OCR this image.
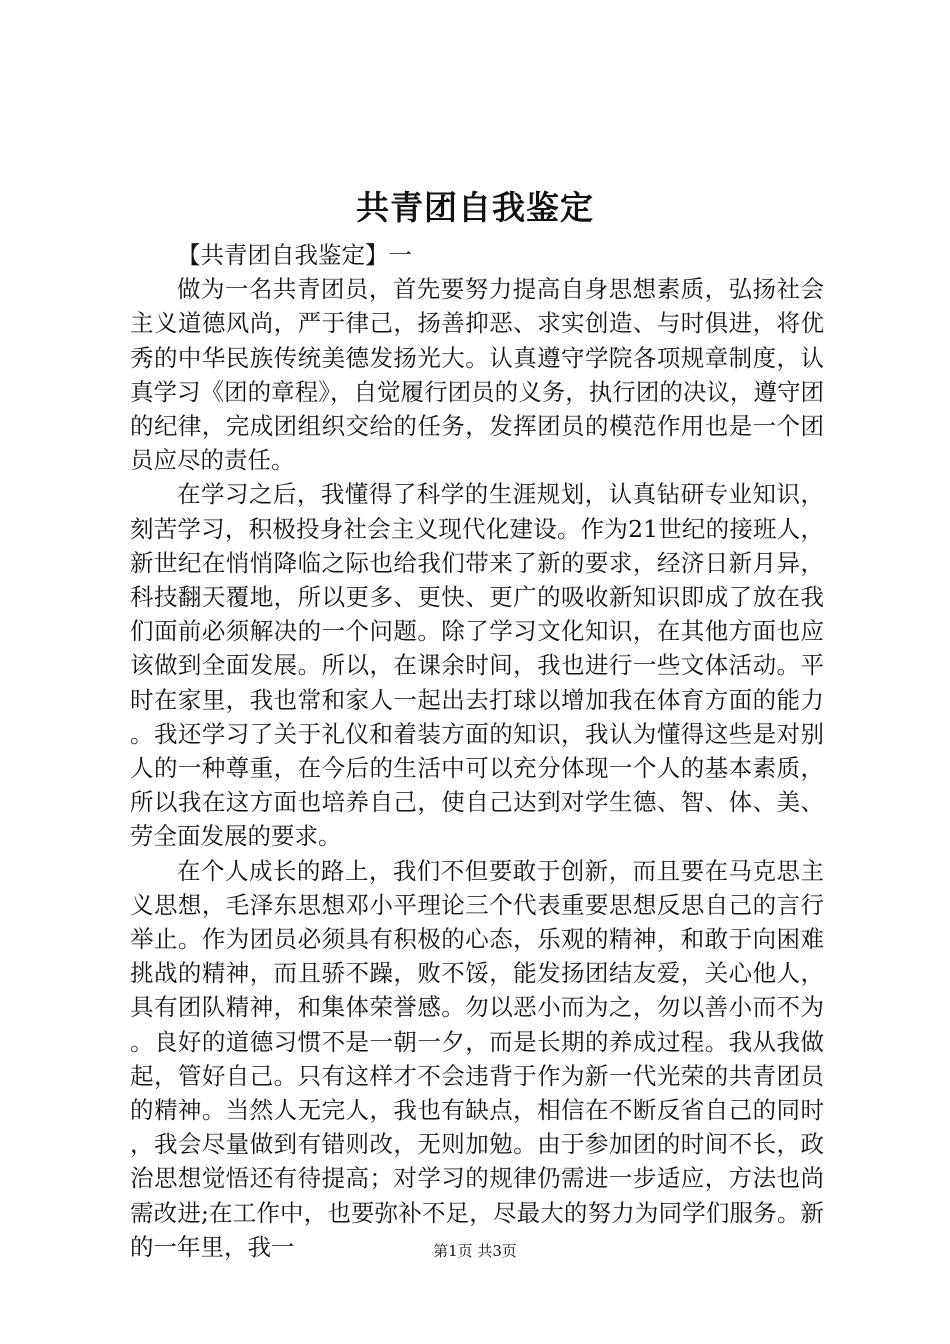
共青团自我鉴定

【共青团自我鉴定】一

做为一名共青团员，首先要努力提高自身思想素质，弘扬社会主义道德风尚，严于律己，扬善抑恶、求实创造、与时俱进，将优秀的中华民族传统美德发扬光大。认真遵守学院各项规章制度，认真学习《团的章程》，自觉履行团员的义务，执行团的决议，遵守团的纪律，完成团组织交给的任务，发挥团员的模范作用也是一个团员应尽的责任。

在学习之后，我懂得了科学的生涯规划，认真钻研专业知识，刻苦学习，积极投身社会主义现代化建设。作为21世纪的接班人，新世纪在悄悄降临之际也给我们带来了新的要求，经济日新月异，科技翻天覆地，所以更多、更快、更广的吸收新知识即成了放在我们面前必须解决的一个问题。除了学习文化知识，在其他方面也应该做到全面发展。所以，在课余时间，我也进行一些文体活动。平时在家里，我也常和家人一起出去打球以增加我在体育方面的能力。我还学习了关于礼仪和着装方面的知识，我认为懂得这些是对别人的一种尊重，在今后的生活中可以充分体现一个人的基本素质，所以我在这方面也培养自己，使自己达到对学生德、智、体、美、劳全面发展的要求。

在个人成长的路上，我们不但要敢于创新，而且要在马克思主义思想，毛泽东思想邓小平理论三个代表重要思想反思自己的言行举止。作为团员必须具有积极的心态，乐观的精神，和敢于向困难挑战的精神，而且骄不躁，败不馁，能发扬团结友爱，关心他人，具有团队精神，和集体荣誉感。勿以恶小而为之，勿以善小而不为。良好的道德习惯不是一朝一夕，而是长期的养成过程。我从我做起，管好自己。只有这样才不会违背于作为新一代光荣的共青团员的精神。当然人无完人，我也有缺点，相信在不断反省自己的同时，我会尽量做到有错则改，无则加勉。由于参加团的时间不长，政治思想觉悟还有待提高；对学习的规律仍需进一步适应，方法也尚需改进;在工作中，也要弥补不足，尽最大的努力为同学们服务。新的一年里，我一	第1页 共3页
